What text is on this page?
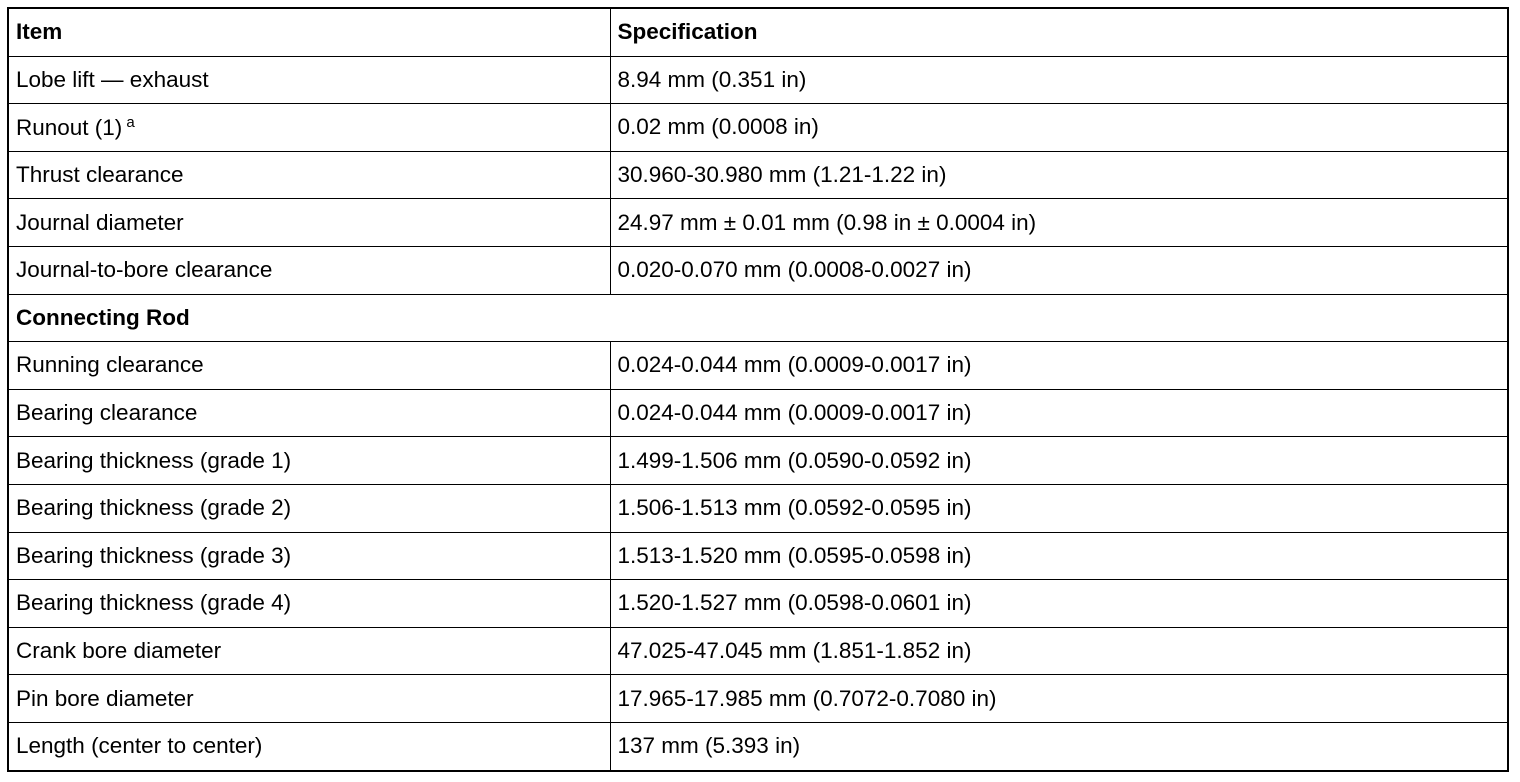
Item	Specification
Lobe lift — exhaust	8.94 mm (0.351 in)
Runout (1) $^a$	0.02 mm (0.0008 in)
Thrust clearance	30.960-30.980 mm (1.21-1.22 in)
Journal diameter	24.97 mm ± 0.01 mm (0.98 in ± 0.0004 in)
Journal-to-bore clearance	0.020-0.070 mm (0.0008-0.0027 in)
Connecting Rod	
Running clearance	0.024-0.044 mm (0.0009-0.0017 in)
Bearing clearance	0.024-0.044 mm (0.0009-0.0017 in)
Bearing thickness (grade 1)	1.499-1.506 mm (0.0590-0.0592 in)
Bearing thickness (grade 2)	1.506-1.513 mm (0.0592-0.0595 in)
Bearing thickness (grade 3)	1.513-1.520 mm (0.0595-0.0598 in)
Bearing thickness (grade 4)	1.520-1.527 mm (0.0598-0.0601 in)
Crank bore diameter	47.025-47.045 mm (1.851-1.852 in)
Pin bore diameter	17.965-17.985 mm (0.7072-0.7080 in)
Length (center to center)	137 mm (5.393 in)
